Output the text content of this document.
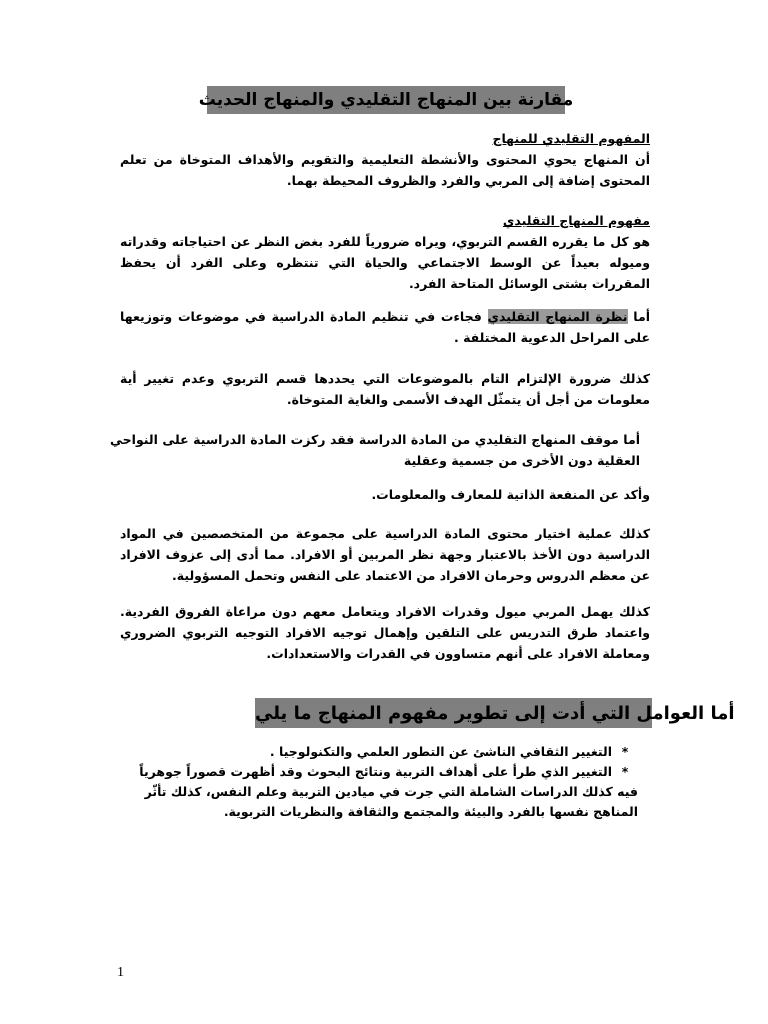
مقارنة بين المنهاج التقليدي والمنهاج الحديث
المفهوم التقليدي للمنهاج
أن المنهاج يحوي المحتوى والأنشطة التعليمية والتقويم والأهداف المتوخاة من تعلم المحتوى إضافة إلى المربي والفرد والظروف المحيطة بهما.
مفهوم المنهاج التقليدي
هو كل ما يقرره القسم التربوي، ويراه ضرورياً للفرد بغض النظر عن احتياجاته وقدراته وميوله بعيداً عن الوسط الاجتماعي والحياة التي تنتظره وعلى الفرد أن يحفظ المقررات بشتى الوسائل المتاحة الفرد.
أما نظرة المنهاج التقليدي فجاءت في تنظيم المادة الدراسية في موضوعات وتوزيعها على المراحل الدعوية المختلفة .
كذلك ضرورة الإلتزام التام بالموضوعات التي يحددها قسم التربوي وعدم تغيير أية معلومات من أجل أن يتمثّل الهدف الأسمى والغاية المتوخاة.
أما موقف المنهاج التقليدي من المادة الدراسة فقد ركزت المادة الدراسية على النواحي العقلية دون الأخرى من جسمية وعقلية
وأكد عن المنفعة الذاتية للمعارف والمعلومات.
كذلك عملية اختيار محتوى المادة الدراسية على مجموعة من المتخصصين في المواد الدراسية دون الأخذ بالاعتبار وجهة نظر المربين أو الافراد. مما أدى إلى عزوف الافراد عن معظم الدروس وحرمان الافراد من الاعتماد على النفس وتحمل المسؤولية.
كذلك يهمل المربي ميول وقدرات الافراد ويتعامل معهم دون مراعاة الفروق الفردية. واعتماد طرق التدريس على التلقين وإهمال توجيه الافراد التوجيه التربوي الضروري ومعاملة الافراد على أنهم متساوون في القدرات والاستعدادات.
أما العوامل التي أدت إلى تطوير مفهوم المنهاج ما يلي
*التغيير الثقافي الناشئ عن التطور العلمي والتكنولوجيا .
*التغيير الذي طرأ على أهداف التربية ونتائج البحوث وقد أظهرت قصوراً جوهرياً فيه كذلك الدراسات الشاملة التي جرت في ميادين التربية وعلم النفس، كذلك تأثّر المناهج نفسها بالفرد والبيئة والمجتمع والثقافة والنظريات التربوية.
1
